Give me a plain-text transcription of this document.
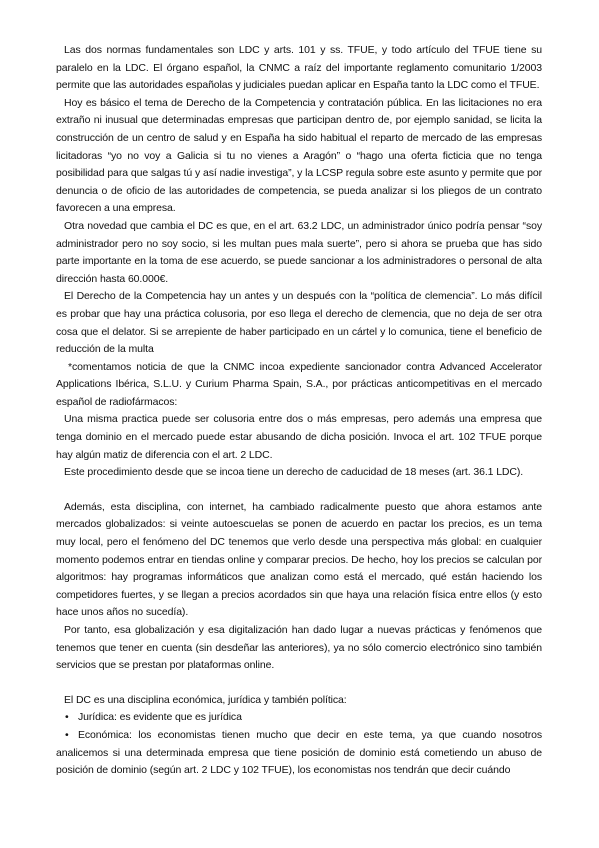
Las dos normas fundamentales son LDC y arts. 101 y ss. TFUE, y todo artículo del TFUE tiene su paralelo en la LDC. El órgano español, la CNMC a raíz del importante reglamento comunitario 1/2003 permite que las autoridades españolas y judiciales puedan aplicar en España tanto la LDC como el TFUE.

Hoy es básico el tema de Derecho de la Competencia y contratación pública. En las licitaciones no era extraño ni inusual que determinadas empresas que participan dentro de, por ejemplo sanidad, se licita la construcción de un centro de salud y en España ha sido habitual el reparto de mercado de las empresas licitadoras “yo no voy a Galicia si tu no vienes a Aragón” o “hago una oferta ficticia que no tenga posibilidad para que salgas tú y así nadie investiga”, y la LCSP regula sobre este asunto y permite que por denuncia o de oficio de las autoridades de competencia, se pueda analizar si los pliegos de un contrato favorecen a una empresa.

Otra novedad que cambia el DC es que, en el art. 63.2 LDC, un administrador único podría pensar “soy administrador pero no soy socio, si les multan pues mala suerte”, pero si ahora se prueba que has sido parte importante en la toma de ese acuerdo, se puede sancionar a los administradores o personal de alta dirección hasta 60.000€.

El Derecho de la Competencia hay un antes y un después con la “política de clemencia”. Lo más difícil es probar que hay una práctica colusoria, por eso llega el derecho de clemencia, que no deja de ser otra cosa que el delator. Si se arrepiente de haber participado en un cártel y lo comunica, tiene el beneficio de reducción de la multa

*comentamos noticia de que la CNMC incoa expediente sancionador contra Advanced Accelerator Applications Ibérica, S.L.U. y Curium Pharma Spain, S.A., por prácticas anticompetitivas en el mercado español de radiofármacos:

Una misma practica puede ser colusoria entre dos o más empresas, pero además una empresa que tenga dominio en el mercado puede estar abusando de dicha posición. Invoca el art. 102 TFUE porque hay algún matiz de diferencia con el art. 2 LDC.

Este procedimiento desde que se incoa tiene un derecho de caducidad de 18 meses (art. 36.1 LDC).

Además, esta disciplina, con internet, ha cambiado radicalmente puesto que ahora estamos ante mercados globalizados: si veinte autoescuelas se ponen de acuerdo en pactar los precios, es un tema muy local, pero el fenómeno del DC tenemos que verlo desde una perspectiva más global: en cualquier momento podemos entrar en tiendas online y comparar precios. De hecho, hoy los precios se calculan por algoritmos: hay programas informáticos que analizan como está el mercado, qué están haciendo los competidores fuertes, y se llegan a precios acordados sin que haya una relación física entre ellos (y esto hace unos años no sucedía).

Por tanto, esa globalización y esa digitalización han dado lugar a nuevas prácticas y fenómenos que tenemos que tener en cuenta (sin desdeñar las anteriores), ya no sólo comercio electrónico sino también servicios que se prestan por plataformas online.

El DC es una disciplina económica, jurídica y también política:

• Jurídica: es evidente que es jurídica
• Económica: los economistas tienen mucho que decir en este tema, ya que cuando nosotros analicemos si una determinada empresa que tiene posición de dominio está cometiendo un abuso de posición de dominio (según art. 2 LDC y 102 TFUE), los economistas nos tendrán que decir cuándo
